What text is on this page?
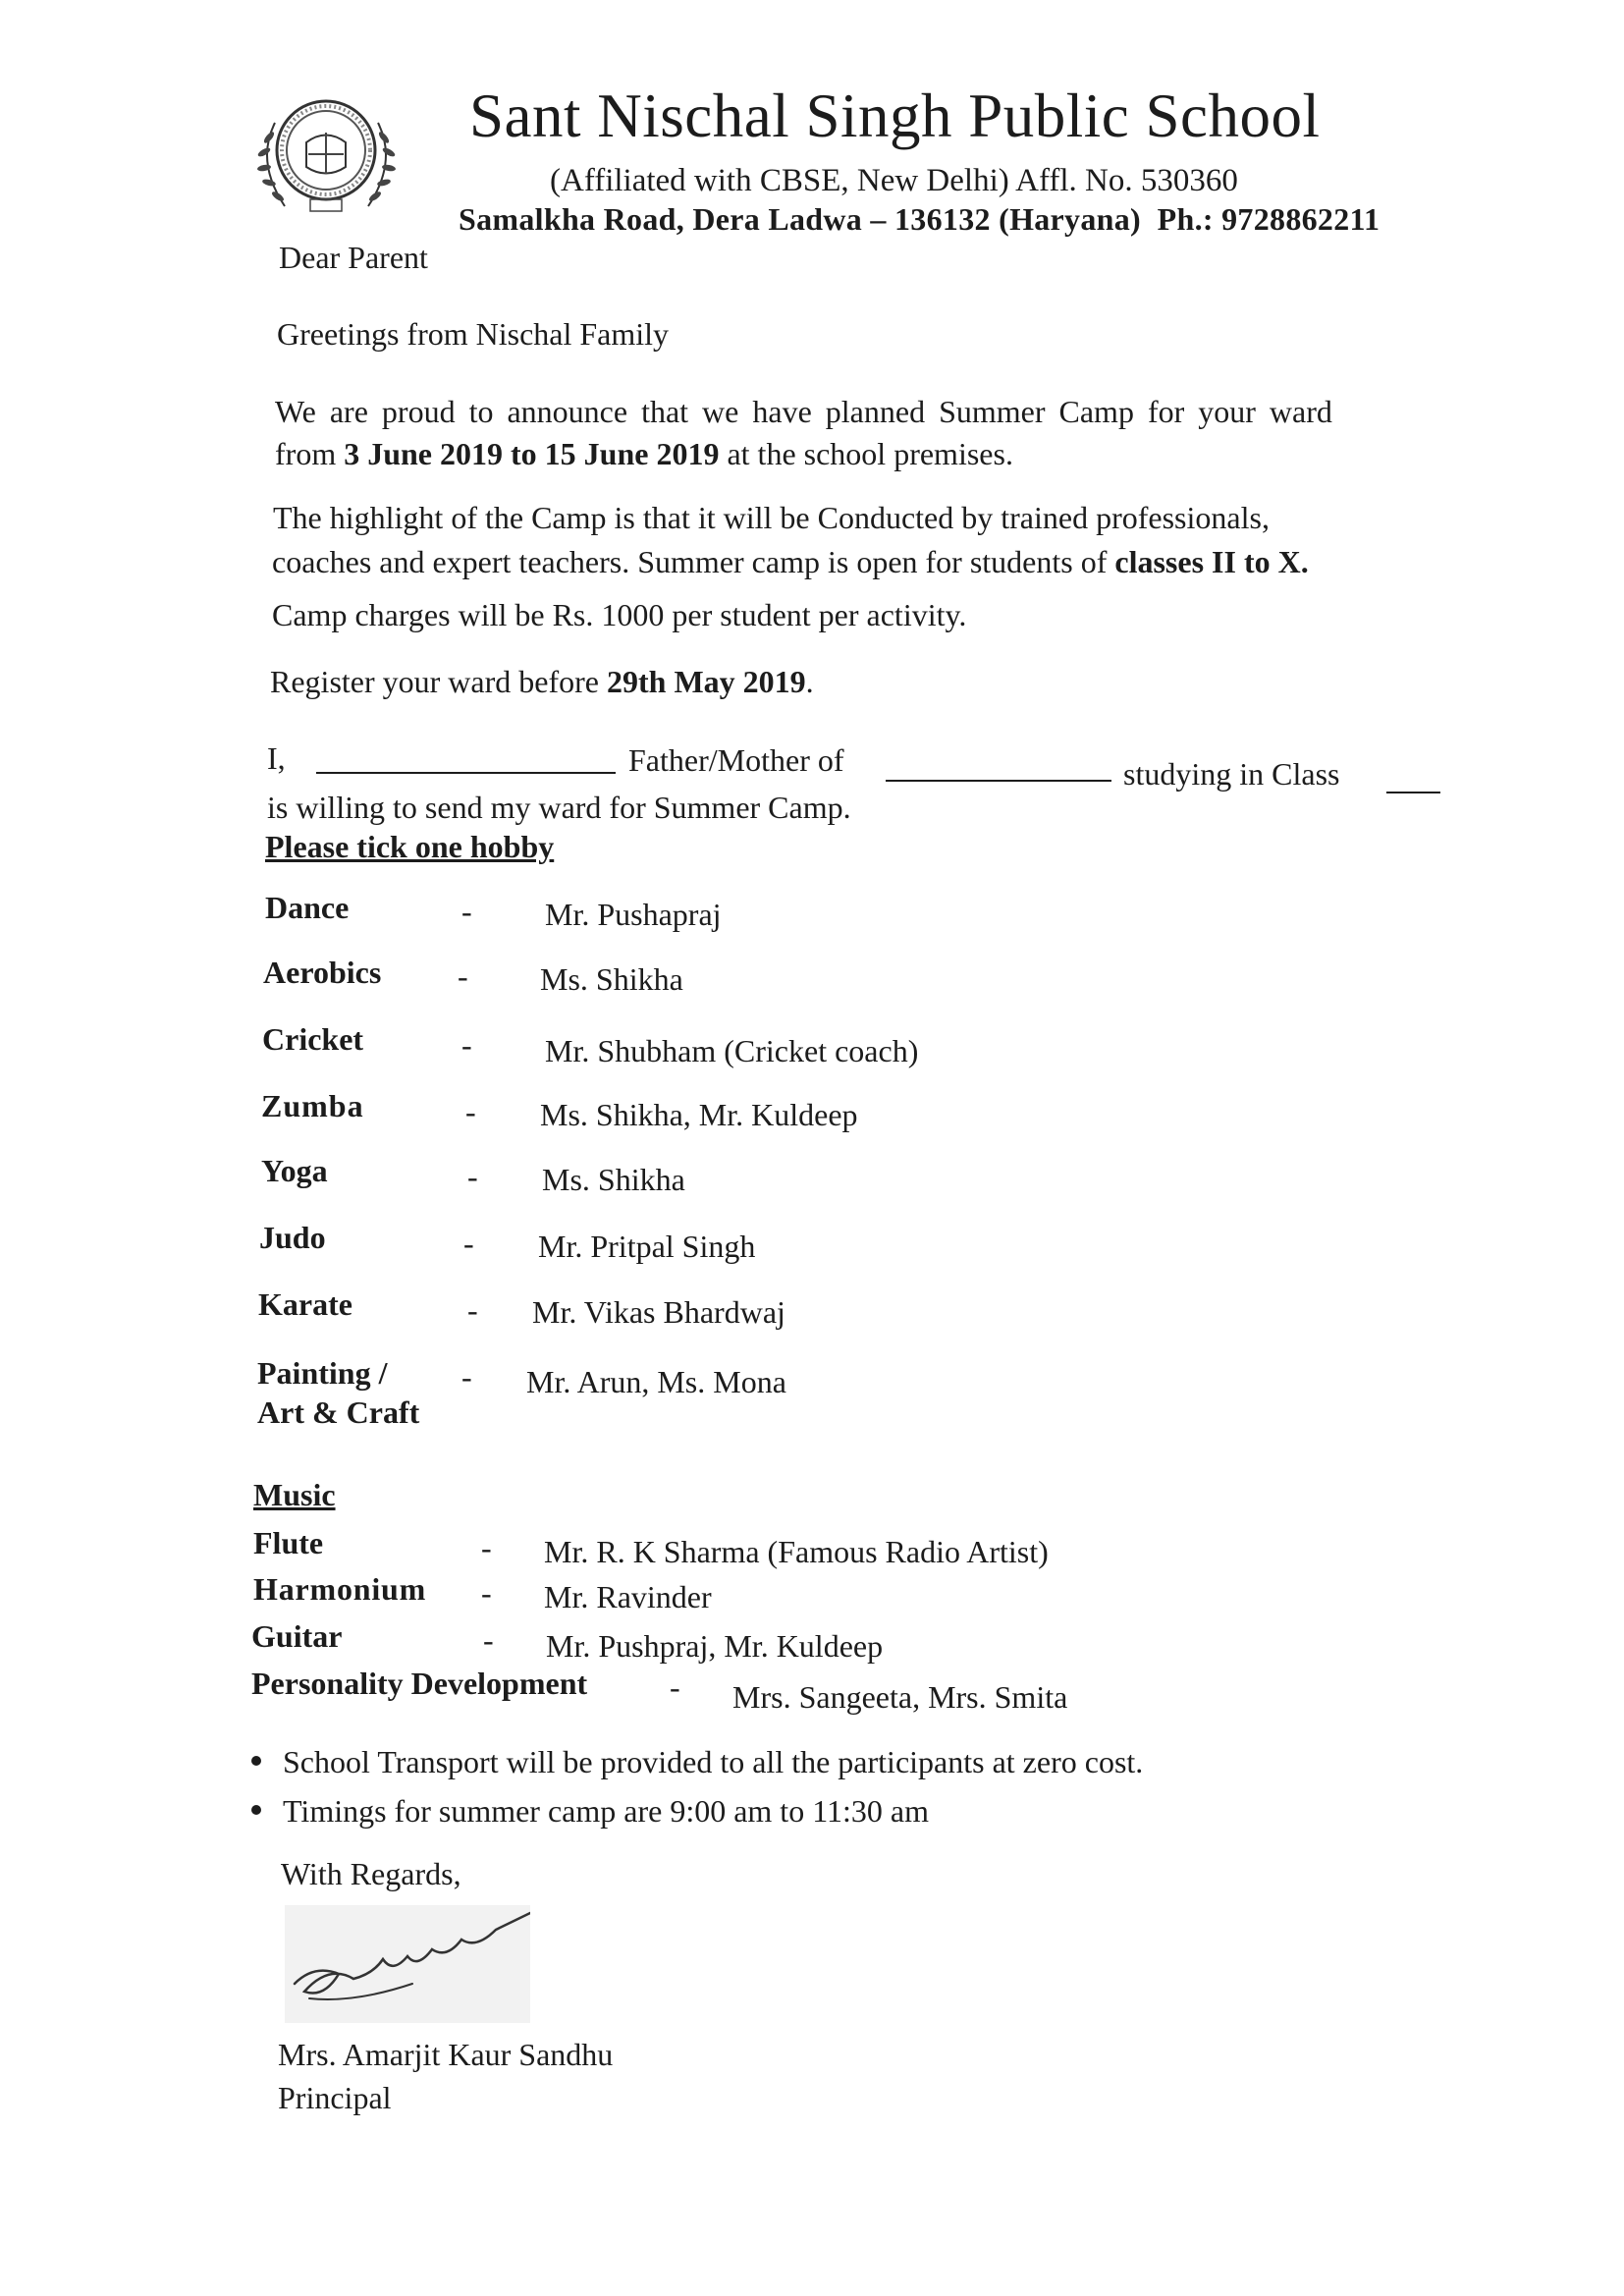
Sant Nischal Singh Public School
(Affiliated with CBSE, New Delhi) Affl. No. 530360
Samalkha Road, Dera Ladwa – 136132 (Haryana) Ph.: 9728862211
Dear Parent
Greetings from Nischal Family
We are proud to announce that we have planned Summer Camp for your ward
from 3 June 2019 to 15 June 2019 at the school premises.
The highlight of the Camp is that it will be Conducted by trained professionals,
coaches and expert teachers. Summer camp is open for students of classes II to X.
Camp charges will be Rs. 1000 per student per activity.
Register your ward before 29th May 2019.
I,	Father/Mother of	studying in Class
is willing to send my ward for Summer Camp.
Please tick one hobby
Dance	- Mr. Pushapraj
Aerobics - Ms. Shikha
Cricket	- Mr. Shubham (Cricket coach)
Zumba	- Ms. Shikha, Mr. Kuldeep
Yoga	- Ms. Shikha
Judo	- Mr. Pritpal Singh
Karate	- Mr. Vikas Bhardwaj
Painting /
Art & Craft
- Mr. Arun, Ms. Mona
Music
Flute	- Mr. R. K Sharma (Famous Radio Artist)
Harmonium - Mr. Ravinder
Guitar	- Mr. Pushpraj, Mr. Kuldeep
Personality Development	- Mrs. Sangeeta, Mrs. Smita
School Transport will be provided to all the participants at zero cost.
Timings for summer camp are 9:00 am to 11:30 am
With Regards,
Mrs. Amarjit Kaur Sandhu
Principal
